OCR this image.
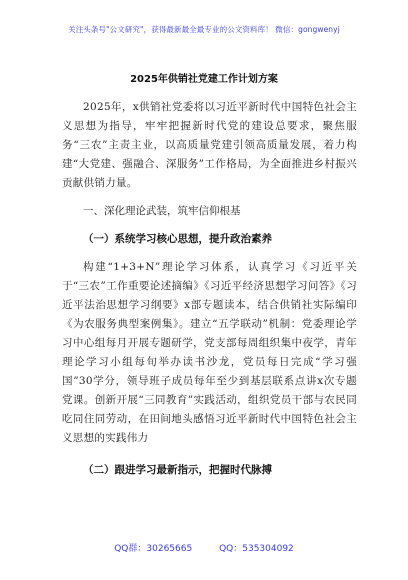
关注头条号"公文研究"，获得最新最全最专业的公文资料库！ 微信：gongwenyj
2025年供销社党建工作计划方案

2025年，x供销社党委将以习近平新时代中国特色社会主义思想为指导，牢牢把握新时代党的建设总要求，聚焦服务“三农”主责主业，以高质量党建引领高质量发展，着力构建“大党建、强融合、深服务”工作格局，为全面推进乡村振兴贡献供销力量。

一、深化理论武装，筑牢信仰根基

（一）系统学习核心思想，提升政治素养

构建“1+3+N”理论学习体系，认真学习《习近平关于“三农”工作重要论述摘编》《习近平经济思想学习问答》《习近平法治思想学习纲要》x部专题读本，结合供销社实际编印《为农服务典型案例集》。建立“五学联动”机制：党委理论学习中心组每月开展专题研学，党支部每周组织集中夜学，青年理论学习小组每旬举办读书沙龙，党员每日完成“学习强国”30学分，领导班子成员每年至少到基层联系点讲x次专题党课。创新开展“三同教育”实践活动，组织党员干部与农民同吃同住同劳动，在田间地头感悟习近平新时代中国特色社会主义思想的实践伟力

（二）跟进学习最新指示，把握时代脉搏

QQ群：30265665	QQ：535304092
